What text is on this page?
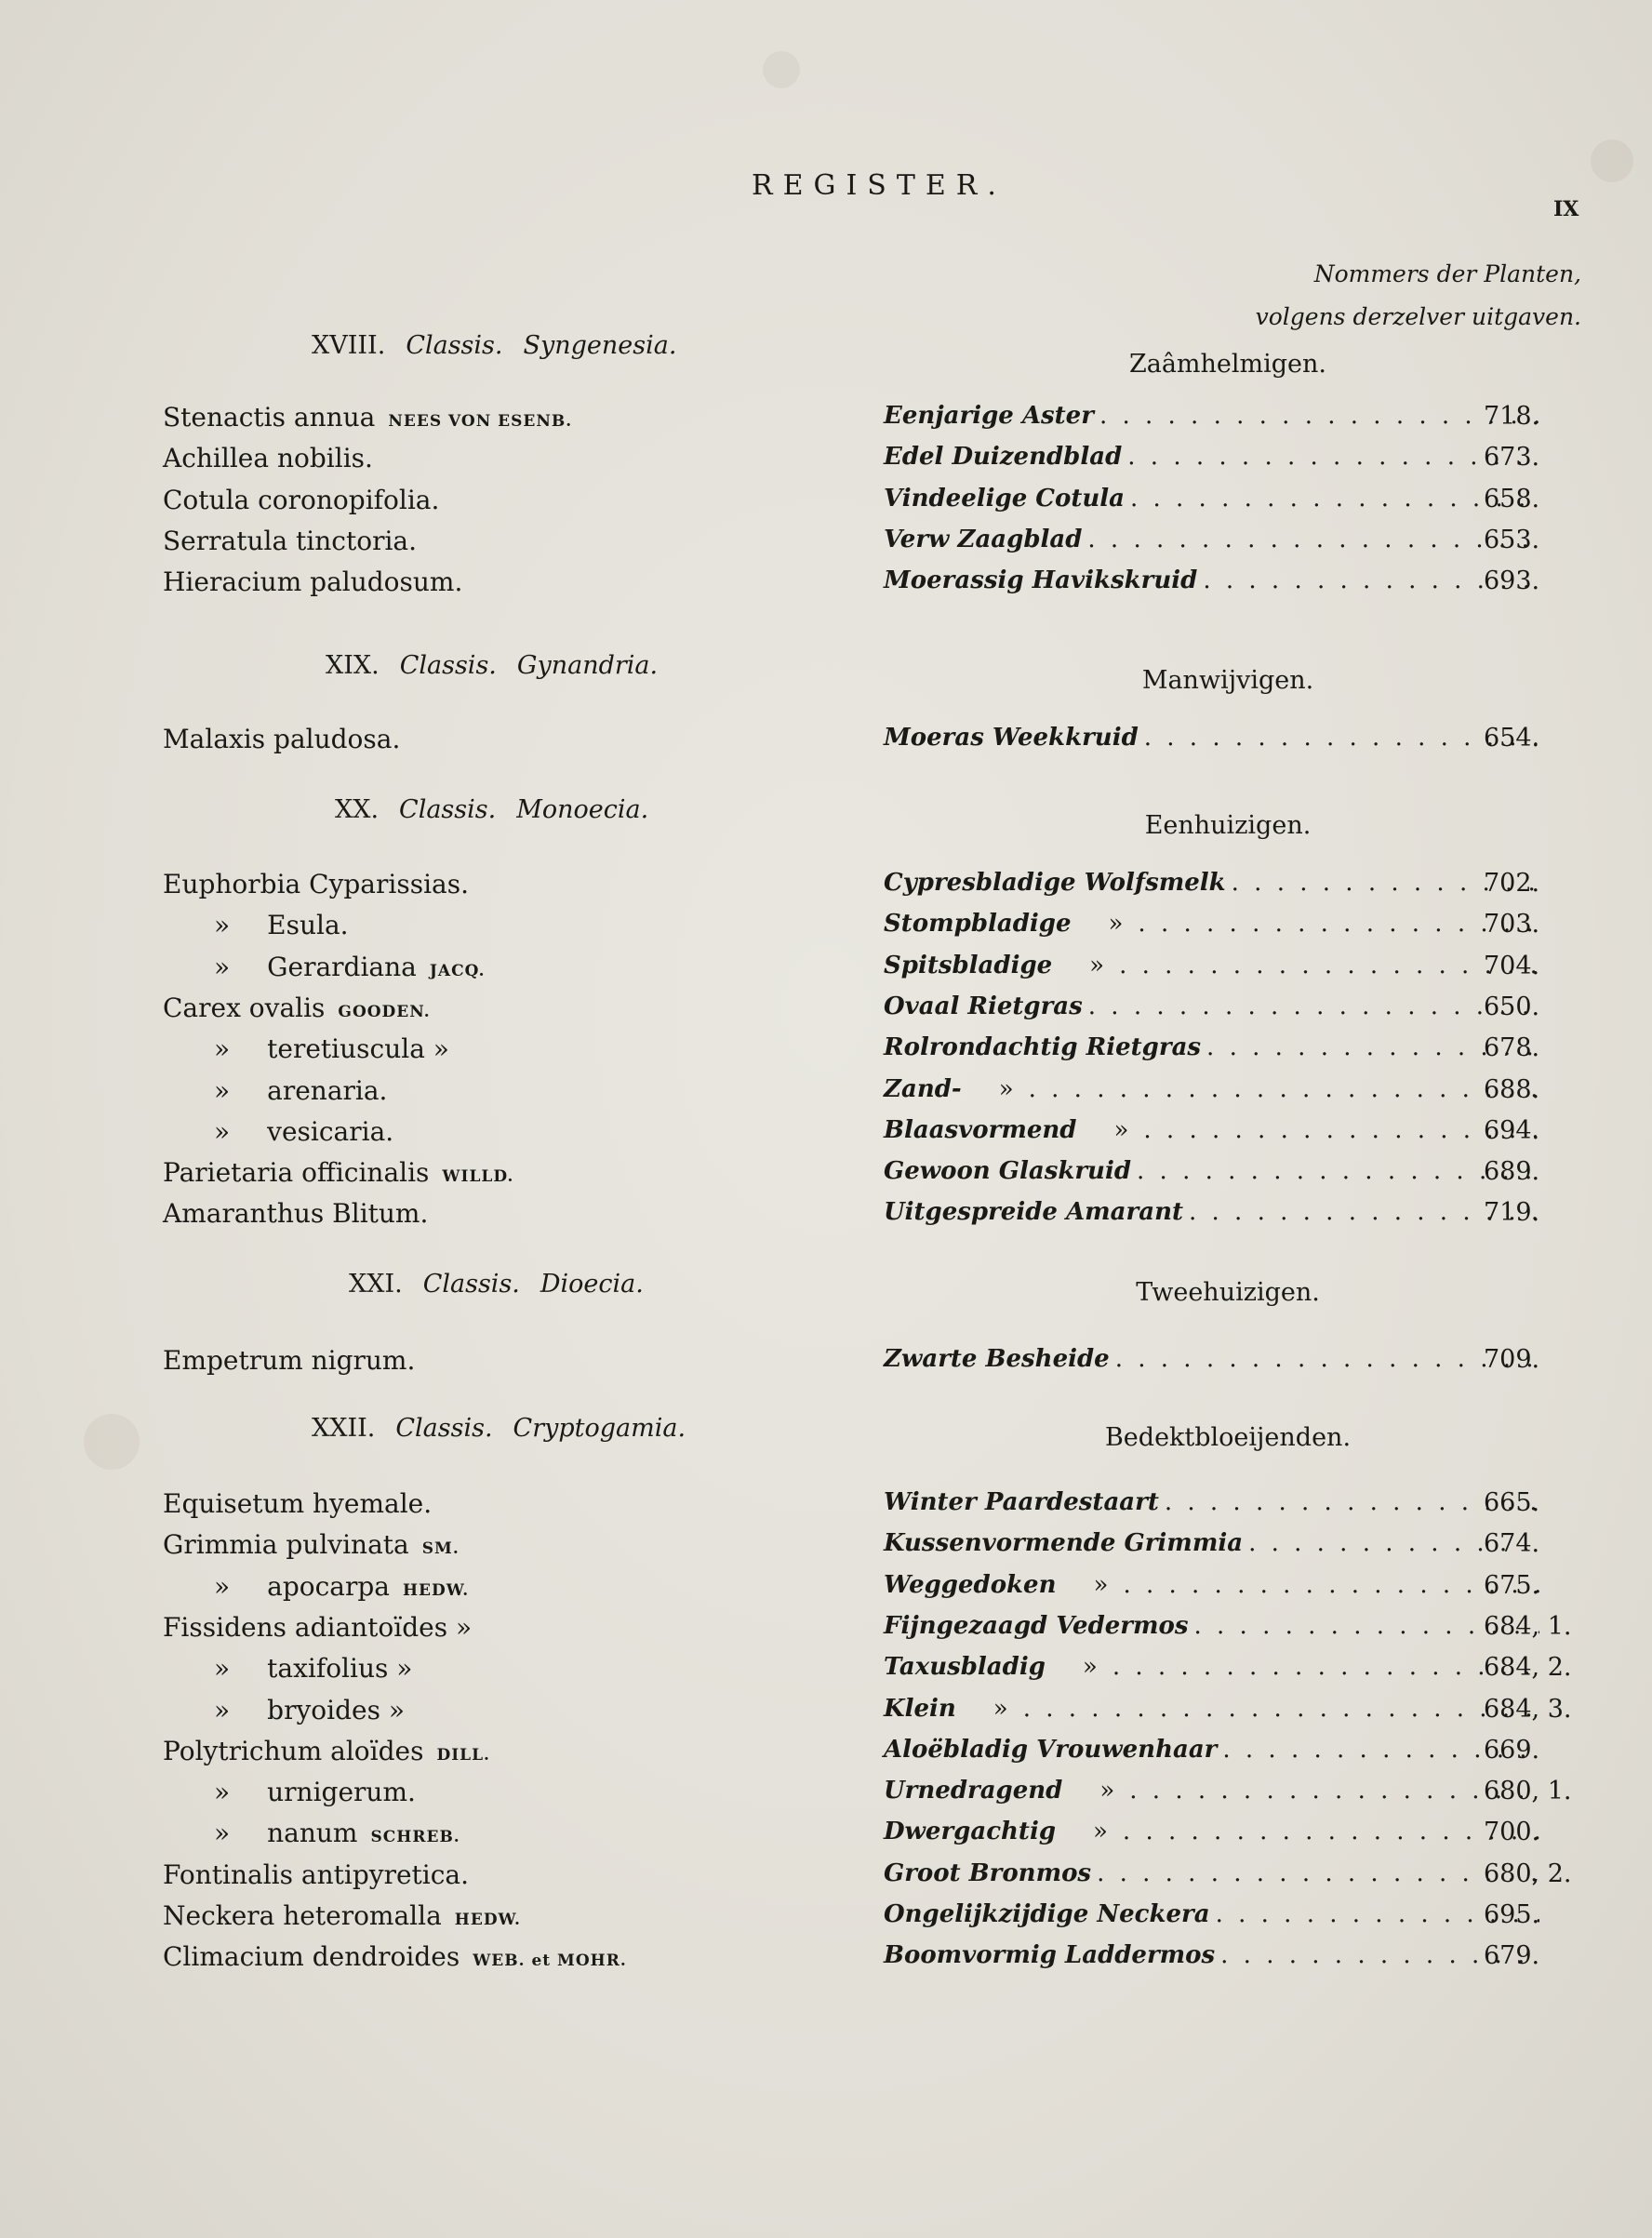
REGISTER.
IX
Nommers der Planten,
volgens derzelver uitgaven.
XVIII. Classis. Syngenesia.
Zaâmhelmigen.
Stenactis annua NEES VON ESENB.	Eenjarige Aster . . .	718.
Achillea nobilis.	Edel Duizendblad . . .	673.
Cotula coronopifolia.	Vindeelige Cotula . . .	658.
Serratula tinctoria.	Verw Zaagblad . . .	653.
Hieracium paludosum.	Moerassig Havikskruid . . .	693.
XIX. Classis. Gynandria.
Manwijvigen.
Malaxis paludosa.	Moeras Weekkruid . . .	654.
XX. Classis. Monoecia.
Eenhuizigen.
Euphorbia Cyparissias.	Cypresbladige Wolfsmelk . . .	702.
» Esula.	Stompbladige	» . . .	703.
» Gerardiana JACQ.	Spitsbladige	» . . .	704.
Carex ovalis GOODEN.	Ovaal Rietgras . . .	650.
» teretiuscula »	Rolrondachtig Rietgras . . .	678.
» arenaria.	Zand-	» . . .	688.
» vesicaria.	Blaasvormend	» . . .	694.
Parietaria officinalis WILLD.	Gewoon Glaskruid . . .	689.
Amaranthus Blitum.	Uitgespreide Amarant . . .	719.
XXI. Classis. Dioecia.	Tweehuizigen.
Empetrum nigrum.	Zwarte Besheide . . .	709.
XXII. Classis. Cryptogamia.	Bedektbloeijenden.
Equisetum hyemale.	Winter Paardestaart . . .	665.
Grimmia pulvinata SM.	Kussenvormende Grimmia . . .	674.
» apocarpa HEDW.	Weggedoken	» . . .	675.
Fissidens adiantoïdes »	Fijngezaagd Vedermos . . .	684, 1.
» taxifolius »	Taxusbladig	» . . .	684, 2.
» bryoides »	Klein	» . . .	684, 3.
Polytrichum aloïdes DILL.	Aloëbladig Vrouwenhaar . . .	669.
» urnigerum.	Urnedragend	» . . .	680, 1.
» nanum SCHREB.	Dwergachtig	» . . .	700.
Fontinalis antipyretica.	Groot Bronmos . . .	680, 2.
Neckera heteromalla HEDW.	Ongelijkzijdige Neckera . . .	695.
Climacium dendroides WEB. et MOHR.	Boomvormig Laddermos . . .	679.
